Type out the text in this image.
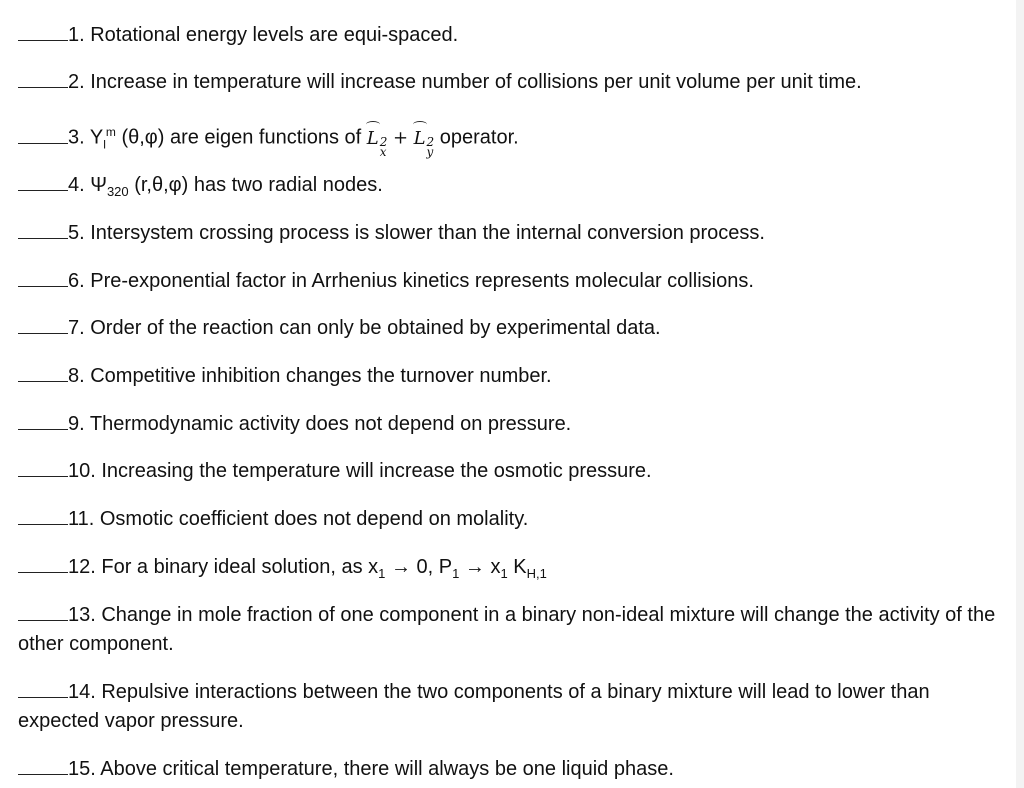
1. Rotational energy levels are equi-spaced.
2. Increase in temperature will increase number of collisions per unit volume per unit time.
3. $Y_l^m$ (θ,φ) are eigen functions of L 2
x
+ L 2
y
operator.
4. $\Psi_{320}$ (r,θ,φ) has two radial nodes.
5. Intersystem crossing process is slower than the internal conversion process.
6. Pre-exponential factor in Arrhenius kinetics represents molecular collisions.
7. Order of the reaction can only be obtained by experimental data.
8. Competitive inhibition changes the turnover number.
9. Thermodynamic activity does not depend on pressure.
10. Increasing the temperature will increase the osmotic pressure.
11. Osmotic coefficient does not depend on molality.
12. For a binary ideal solution, as $x_1 \to 0$, $P_1 \to x_1$ $K_{H,1}$
13. Change in mole fraction of one component in a binary non-ideal mixture will change the activity of the other component.
14. Repulsive interactions between the two components of a binary mixture will lead to lower than expected vapor pressure.
15. Above critical temperature, there will always be one liquid phase.
